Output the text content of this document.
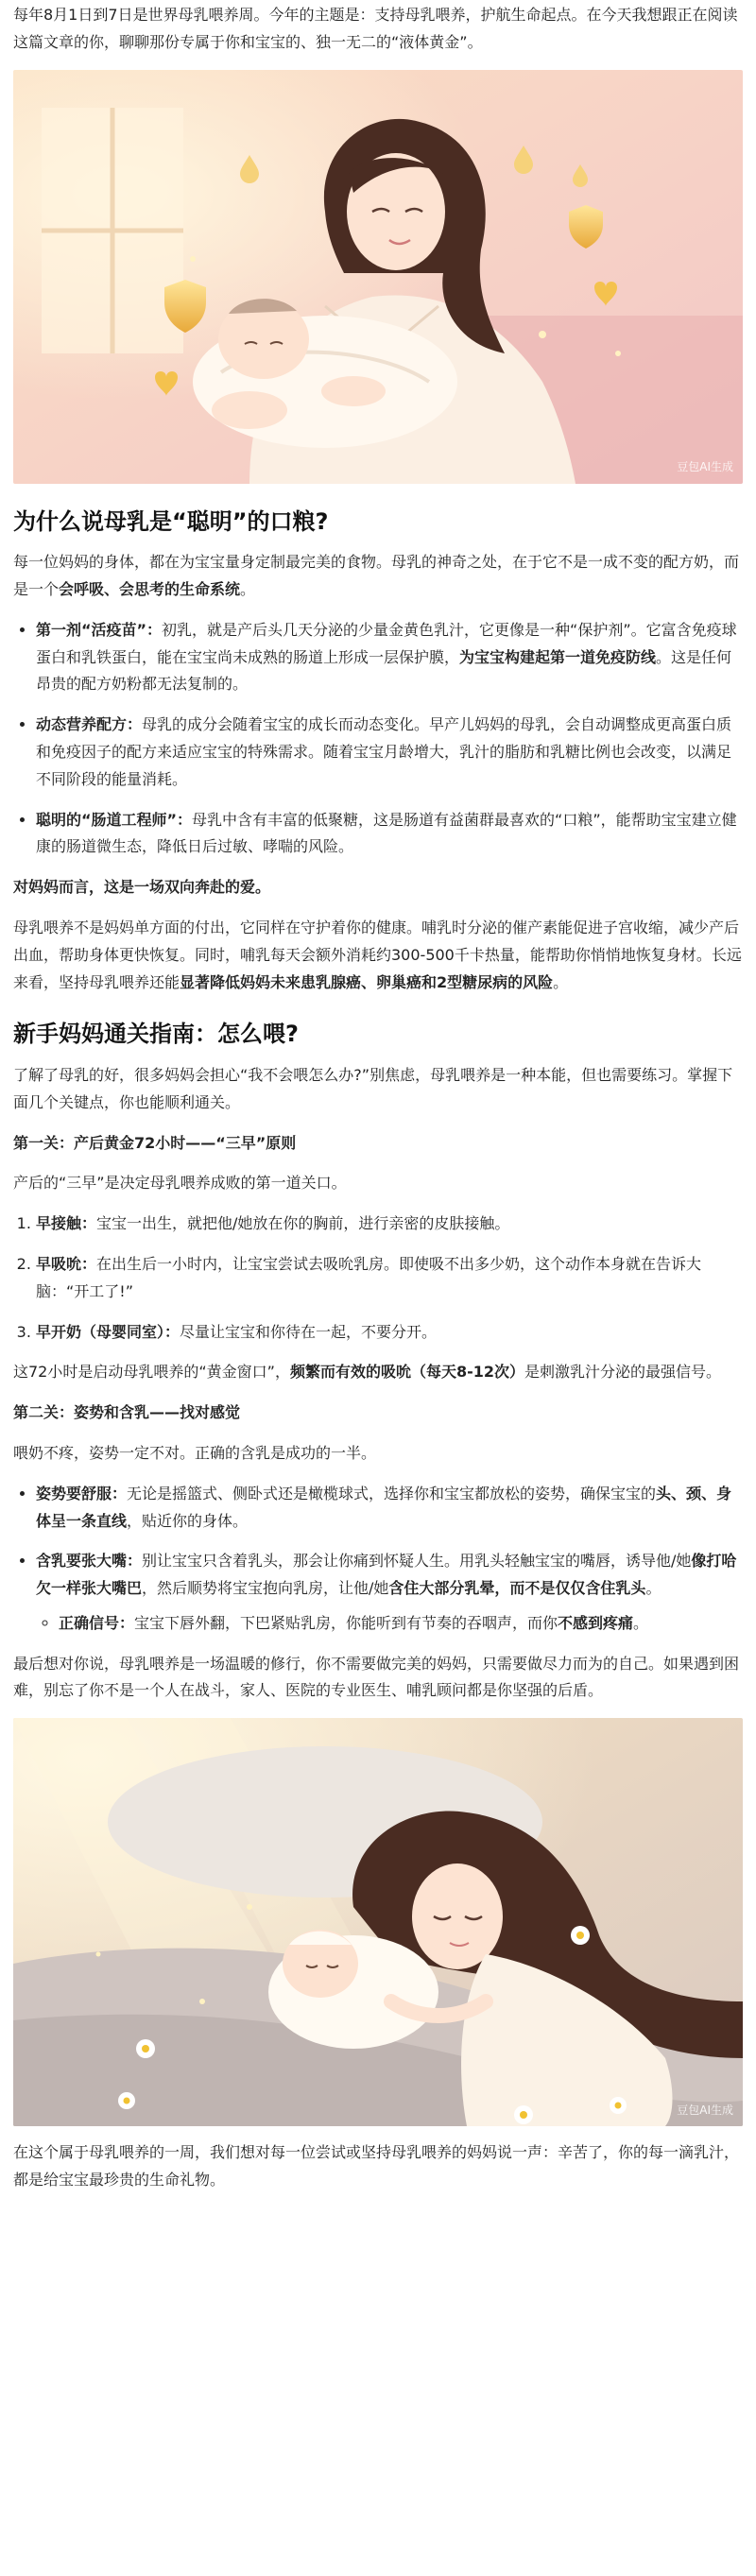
每年8月1日到7日是世界母乳喂养周。今年的主题是：支持母乳喂养，护航生命起点。在今天我想跟正在阅读这篇文章的你，聊聊那份专属于你和宝宝的、独一无二的“液体黄金”。

豆包AI生成
为什么说母乳是“聪明”的口粮?

每一位妈妈的身体，都在为宝宝量身定制最完美的食物。母乳的神奇之处，在于它不是一成不变的配方奶，而是一个会呼吸、会思考的生命系统。

• 第一剂“活疫苗”：初乳，就是产后头几天分泌的少量金黄色乳汁，它更像是一种“保护剂”。它富含免疫球蛋白和乳铁蛋白，能在宝宝尚未成熟的肠道上形成一层保护膜，为宝宝构建起第一道免疫防线。这是任何昂贵的配方奶粉都无法复制的。
• 动态营养配方：母乳的成分会随着宝宝的成长而动态变化。早产儿妈妈的母乳，会自动调整成更高蛋白质和免疫因子的配方来适应宝宝的特殊需求。随着宝宝月龄增大，乳汁的脂肪和乳糖比例也会改变，以满足不同阶段的能量消耗。
• 聪明的“肠道工程师”：母乳中含有丰富的低聚糖，这是肠道有益菌群最喜欢的“口粮”，能帮助宝宝建立健康的肠道微生态，降低日后过敏、哮喘的风险。

对妈妈而言，这是一场双向奔赴的爱。

母乳喂养不是妈妈单方面的付出，它同样在守护着你的健康。哺乳时分泌的催产素能促进子宫收缩，减少产后出血，帮助身体更快恢复。同时，哺乳每天会额外消耗约300-500千卡热量，能帮助你悄悄地恢复身材。长远来看，坚持母乳喂养还能显著降低妈妈未来患乳腺癌、卵巢癌和2型糖尿病的风险。

新手妈妈通关指南：怎么喂?

了解了母乳的好，很多妈妈会担心“我不会喂怎么办?”别焦虑，母乳喂养是一种本能，但也需要练习。掌握下面几个关键点，你也能顺利通关。

第一关：产后黄金72小时——“三早”原则

产后的“三早”是决定母乳喂养成败的第一道关口。

1. 早接触：宝宝一出生，就把他/她放在你的胸前，进行亲密的皮肤接触。
2. 早吸吮：在出生后一小时内，让宝宝尝试去吸吮乳房。即使吸不出多少奶，这个动作本身就在告诉大脑：“开工了!”
3. 早开奶（母婴同室）：尽量让宝宝和你待在一起，不要分开。

这72小时是启动母乳喂养的“黄金窗口”，频繁而有效的吸吮（每天8-12次）是刺激乳汁分泌的最强信号。

第二关：姿势和含乳——找对感觉

喂奶不疼，姿势一定不对。正确的含乳是成功的一半。

• 姿势要舒服：无论是摇篮式、侧卧式还是橄榄球式，选择你和宝宝都放松的姿势，确保宝宝的头、颈、身体呈一条直线，贴近你的身体。
• 含乳要张大嘴：别让宝宝只含着乳头，那会让你痛到怀疑人生。用乳头轻触宝宝的嘴唇，诱导他/她像打哈欠一样张大嘴巴，然后顺势将宝宝抱向乳房，让他/她含住大部分乳晕，而不是仅仅含住乳头。
◦ 正确信号：宝宝下唇外翻，下巴紧贴乳房，你能听到有节奏的吞咽声，而你不感到疼痛。

最后想对你说，母乳喂养是一场温暖的修行，你不需要做完美的妈妈，只需要做尽力而为的自己。如果遇到困难，别忘了你不是一个人在战斗，家人、医院的专业医生、哺乳顾问都是你坚强的后盾。

豆包AI生成

在这个属于母乳喂养的一周，我们想对每一位尝试或坚持母乳喂养的妈妈说一声：辛苦了，你的每一滴乳汁，都是给宝宝最珍贵的生命礼物。
